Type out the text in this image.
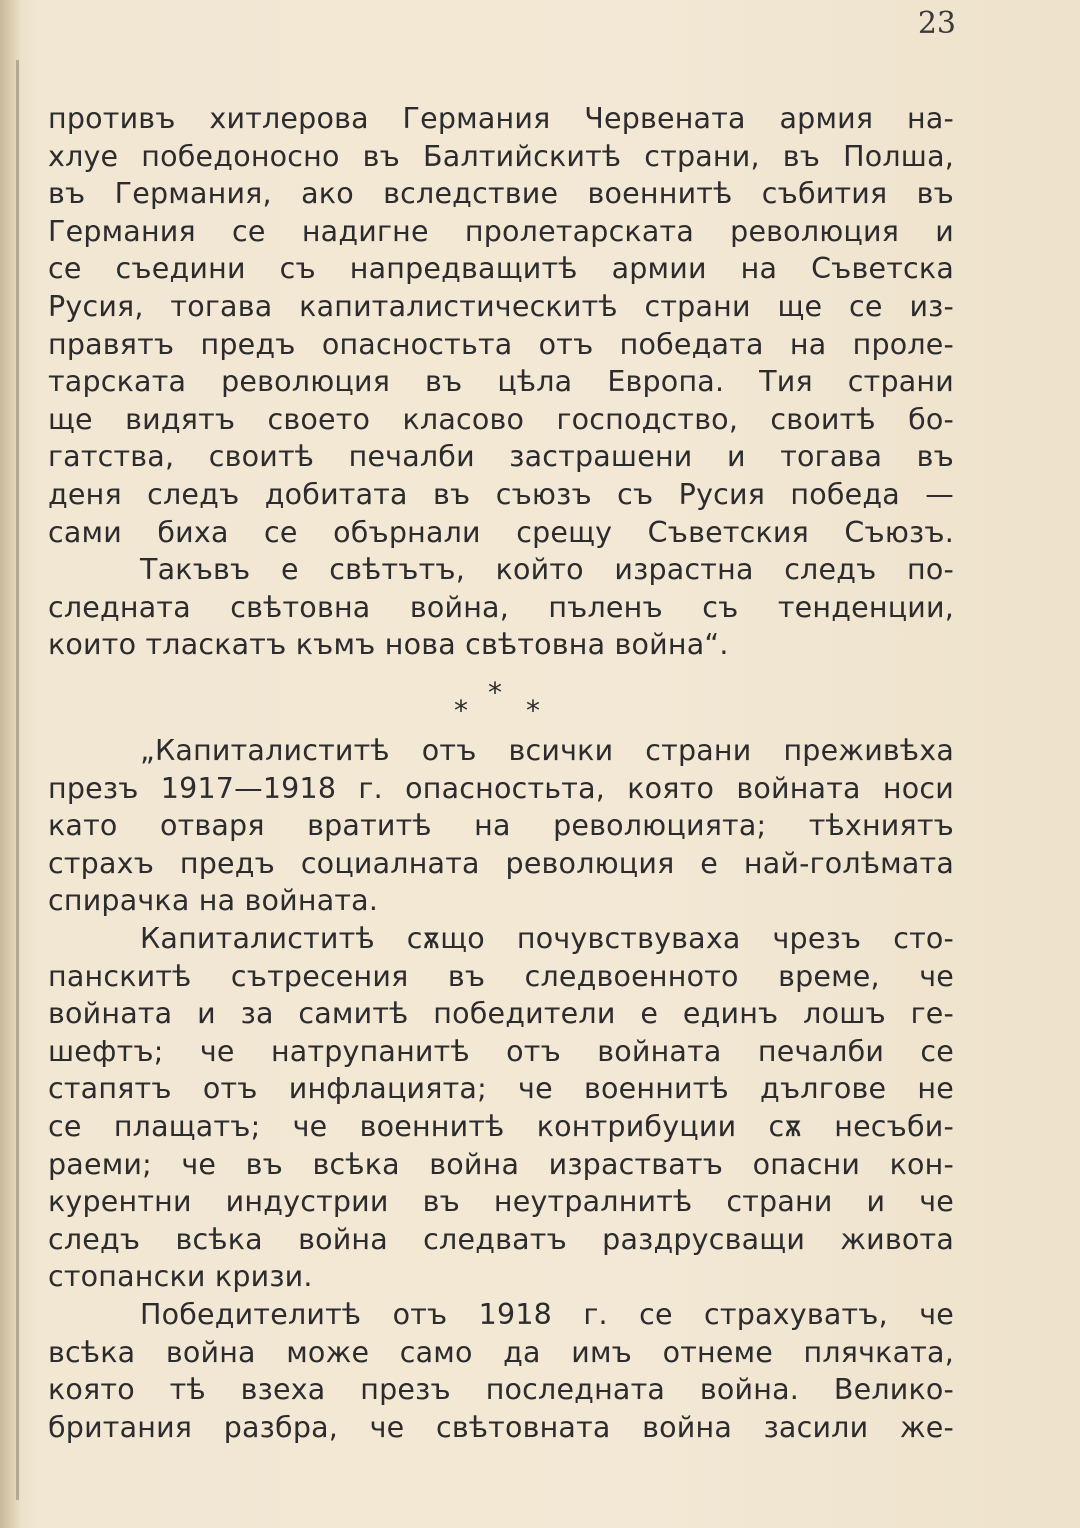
23
противъ хитлерова Германия Червената армия на-
хлуе победоносно въ Балтийскитѣ страни, въ Полша,
въ Германия, ако вследствие военнитѣ събития въ
Германия се надигне пролетарската революция и
се съедини съ напредващитѣ армии на Съветска
Русия, тогава капиталистическитѣ страни ще се из-
правятъ предъ опасностьта отъ победата на проле-
тарската революция въ цѣла Европа. Тия страни
ще видятъ своето класово господство, своитѣ бо-
гатства, своитѣ печалби застрашени и тогава въ
деня следъ добитата въ съюзъ съ Русия победа —
сами биха се обърнали срещу Съветския Съюзъ.
Такъвъ е свѣтътъ, който израстна следъ по-
следната свѣтовна война, пъленъ съ тенденции,
които тласкатъ къмъ нова свѣтовна война“.
*
* *
„Капиталиститѣ отъ всички страни преживѣха
презъ 1917—1918 г. опасностьта, която войната носи
като отваря вратитѣ на революцията; тѣхниятъ
страхъ предъ социалната революция е най-голѣмата
спирачка на войната.
Капиталиститѣ сѫщо почувствуваха чрезъ сто-
панскитѣ сътресения въ следвоенното време, че
войната и за самитѣ победители е единъ лошъ ге-
шефтъ; че натрупанитѣ отъ войната печалби се
стапятъ отъ инфлацията; че военнитѣ дългове не
се плащатъ; че военнитѣ контрибуции сѫ несъби-
раеми; че въ всѣка война израстватъ опасни кон-
курентни индустрии въ неутралнитѣ страни и че
следъ всѣка война следватъ раздрусващи живота
стопански кризи.
Победителитѣ отъ 1918 г. се страхуватъ, че
всѣка война може само да имъ отнеме плячката,
която тѣ взеха презъ последната война. Велико-
британия разбра, че свѣтовната война засили же-
